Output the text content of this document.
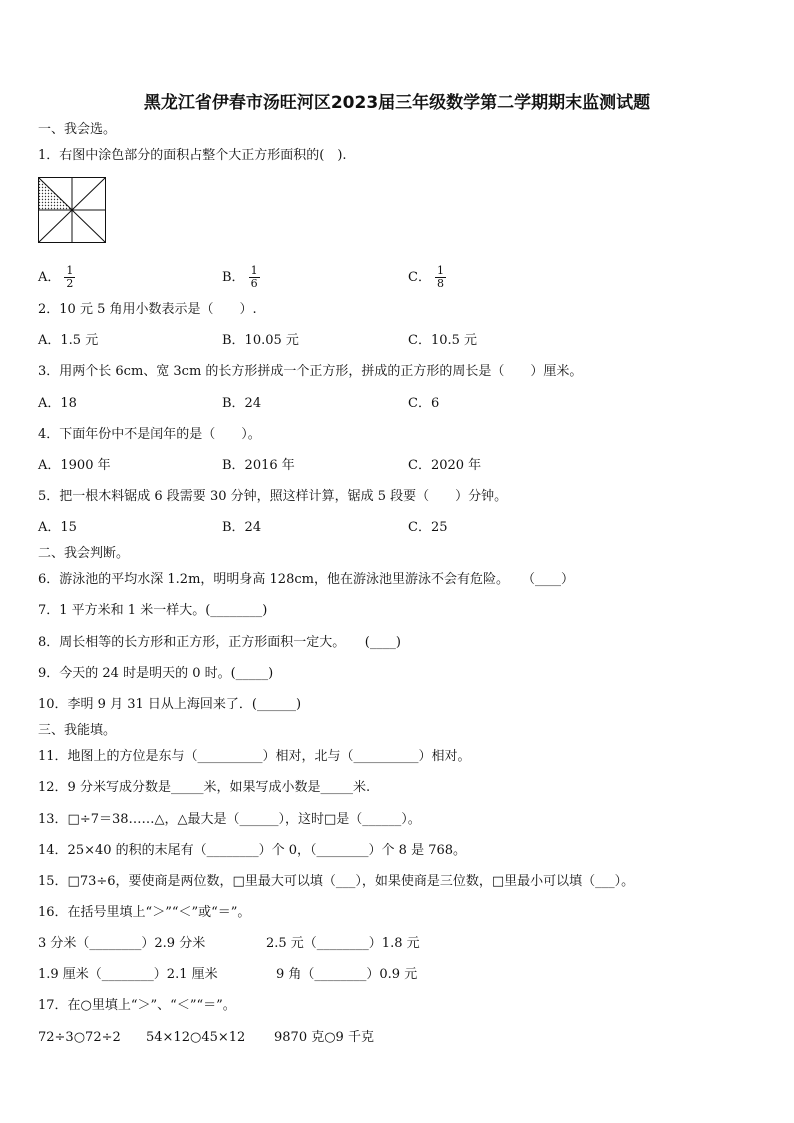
黑龙江省伊春市汤旺河区2023届三年级数学第二学期期末监测试题
一、我会选。
1．右图中涂色部分的面积占整个大正方形面积的(　).
A． $\frac{1}{2}$	B． $\frac{1}{6}$	C． $\frac{1}{8}$
2．10 元 5 角用小数表示是（　　）.
A．1.5 元	B．10.05 元	C．10.5 元
3．用两个长 6cm、宽 3cm 的长方形拼成一个正方形，拼成的正方形的周长是（　　）厘米。
A．18	B．24	C．6
4．下面年份中不是闰年的是（　　）。
A．1900 年	B．2016 年	C．2020 年
5．把一根木料锯成 6 段需要 30 分钟，照这样计算，锯成 5 段要（　　）分钟。
A．15	B．24	C．25
二、我会判断。
6．游泳池的平均水深 1.2m，明明身高 128cm，他在游泳池里游泳不会有危险。　　（____）
7．1 平方米和 1 米一样大。(________)
8．周长相等的长方形和正方形，正方形面积一定大。　　(____)
9．今天的 24 时是明天的 0 时。(_____)
10．李明 9 月 31 日从上海回来了．(______)
三、我能填。
11．地图上的方位是东与（__________）相对，北与（__________）相对。
12．9 分米写成分数是_____米，如果写成小数是_____米.
13．□÷7＝38……△，△最大是（______），这时□是（______）。
14．25×40 的积的末尾有（________）个 0，（________）个 8 是 768。
15．□73÷6，要使商是两位数，□里最大可以填（___），如果使商是三位数，□里最小可以填（___）。
16．在括号里填上“＞”“＜”或“＝”。
3 分米（________）2.9 分米	2.5 元（________）1.8 元
1.9 厘米（________）2.1 厘米	9 角（________）0.9 元
17．在○里填上“＞”、“＜”“＝”。
72÷3○72÷2 54×12○45×12 9870 克○9 千克
